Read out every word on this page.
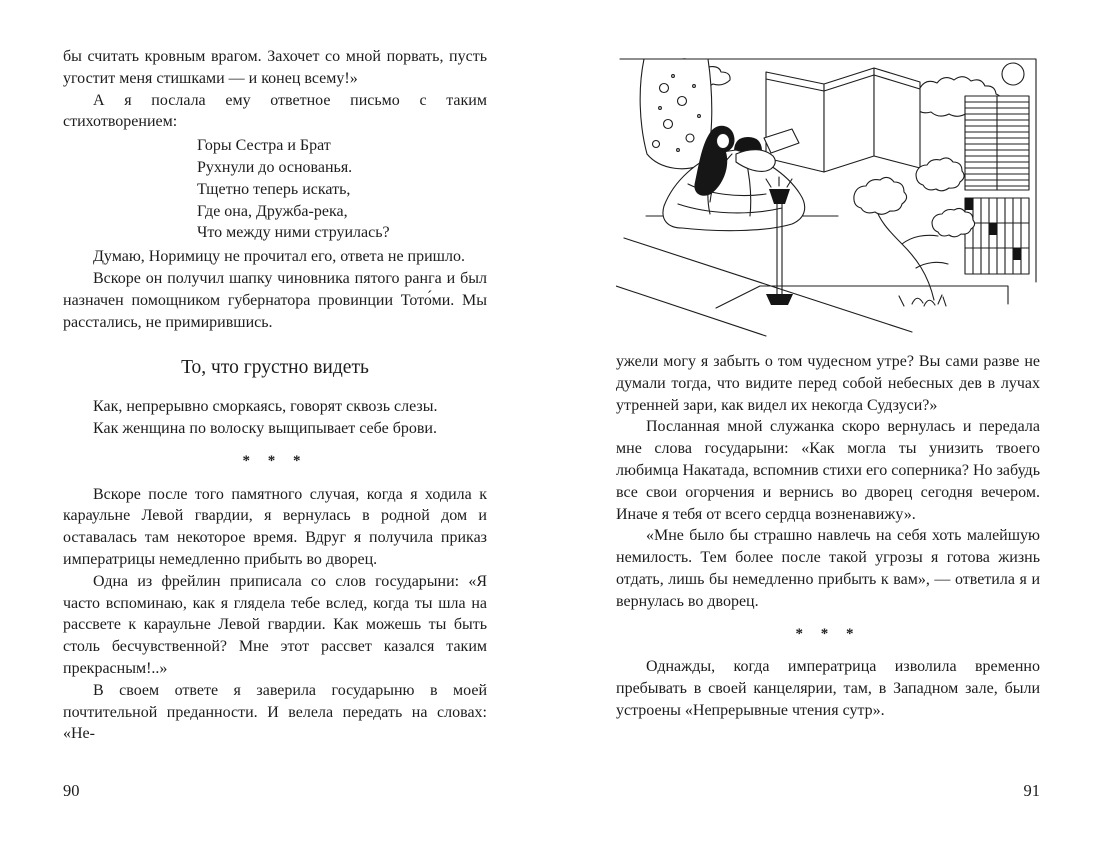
бы считать кровным врагом. Захочет со мной порвать, пусть угостит меня стишками — и конец всему!»

А я послала ему ответное письмо с таким стихотворением:

Горы Сестра и Брат
Рухнули до основанья.
Тщетно теперь искать,
Где она, Дружба-река,
Что между ними струилась?

Думаю, Норимицу не прочитал его, ответа не пришло.

Вскоре он получил шапку чиновника пятого ранга и был назначен помощником губернатора провинции Тото́ми. Мы расстались, не примирившись.

То, что грустно видеть

Как, непрерывно сморкаясь, говорят сквозь слезы.

Как женщина по волоску выщипывает себе брови.

* * *

Вскоре после того памятного случая, когда я ходила к караульне Левой гвардии, я вернулась в родной дом и оставалась там некоторое время. Вдруг я получила приказ императрицы немедленно прибыть во дворец.

Одна из фрейлин приписала со слов государыни: «Я часто вспоминаю, как я глядела тебе вслед, когда ты шла на рассвете к караульне Левой гвардии. Как можешь ты быть столь бесчувственной? Мне этот рассвет казался таким прекрасным!..»

В своем ответе я заверила государыню в моей почтительной преданности. И велела передать на словах: «Не-

ужели могу я забыть о том чудесном утре? Вы сами разве не думали тогда, что видите перед собой небесных дев в лучах утренней зари, как видел их некогда Судзуси?»

Посланная мной служанка скоро вернулась и передала мне слова государыни: «Как могла ты унизить твоего любимца Накатада, вспомнив стихи его соперника? Но забудь все свои огорчения и вернись во дворец сегодня вечером. Иначе я тебя от всего сердца возненавижу».

«Мне было бы страшно навлечь на себя хоть малейшую немилость. Тем более после такой угрозы я готова жизнь отдать, лишь бы немедленно прибыть к вам», — ответила я и вернулась во дворец.

* * *

Однажды, когда императрица изволила временно пребывать в своей канцелярии, там, в Западном зале, были устроены «Непрерывные чтения сутр».

90	91
